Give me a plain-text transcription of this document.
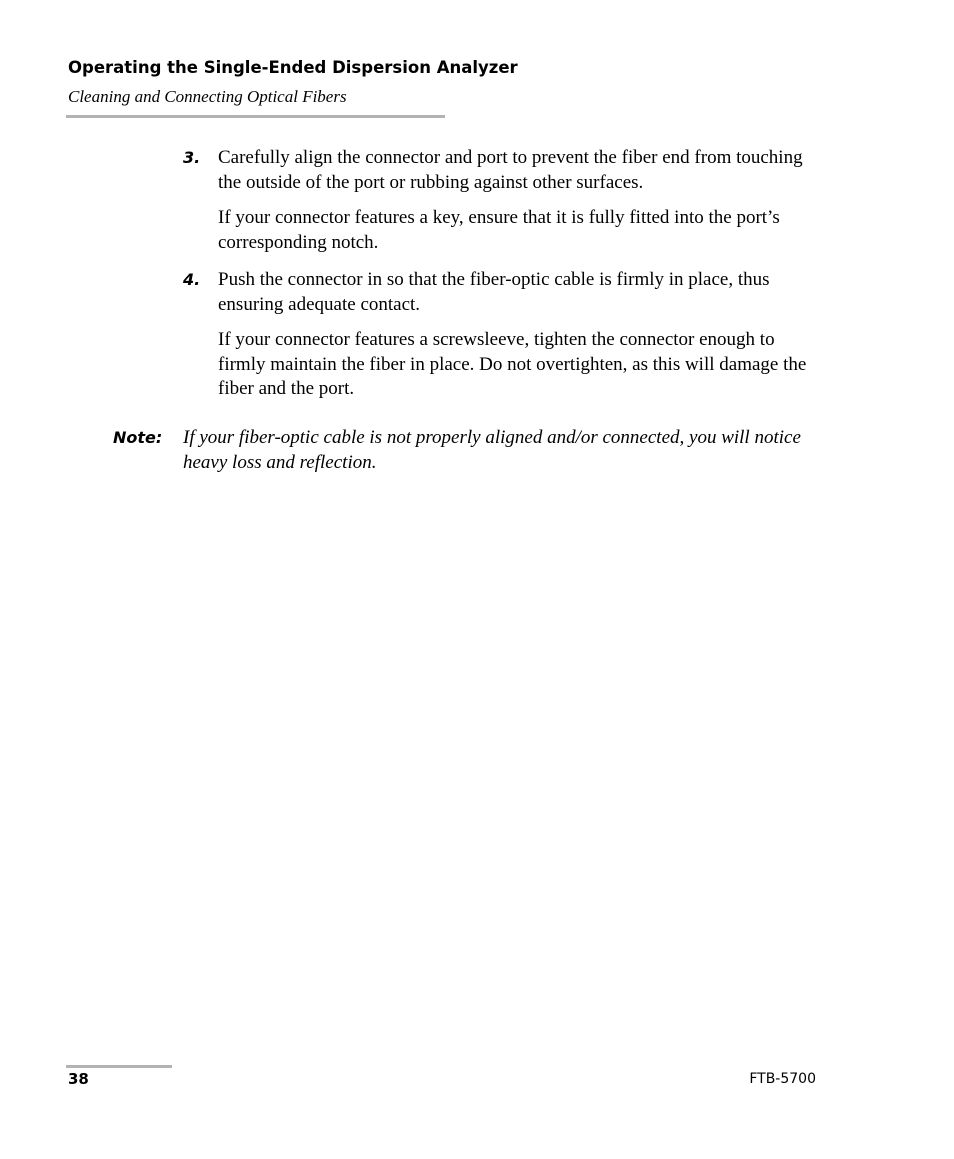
Operating the Single-Ended Dispersion Analyzer
Cleaning and Connecting Optical Fibers
3. Carefully align the connector and port to prevent the fiber end from touching the outside of the port or rubbing against other surfaces.
If your connector features a key, ensure that it is fully fitted into the port’s corresponding notch.
4. Push the connector in so that the fiber-optic cable is firmly in place, thus ensuring adequate contact.
If your connector features a screwsleeve, tighten the connector enough to firmly maintain the fiber in place. Do not overtighten, as this will damage the fiber and the port.
Note: If your fiber-optic cable is not properly aligned and/or connected, you will notice heavy loss and reflection.
38	FTB-5700
